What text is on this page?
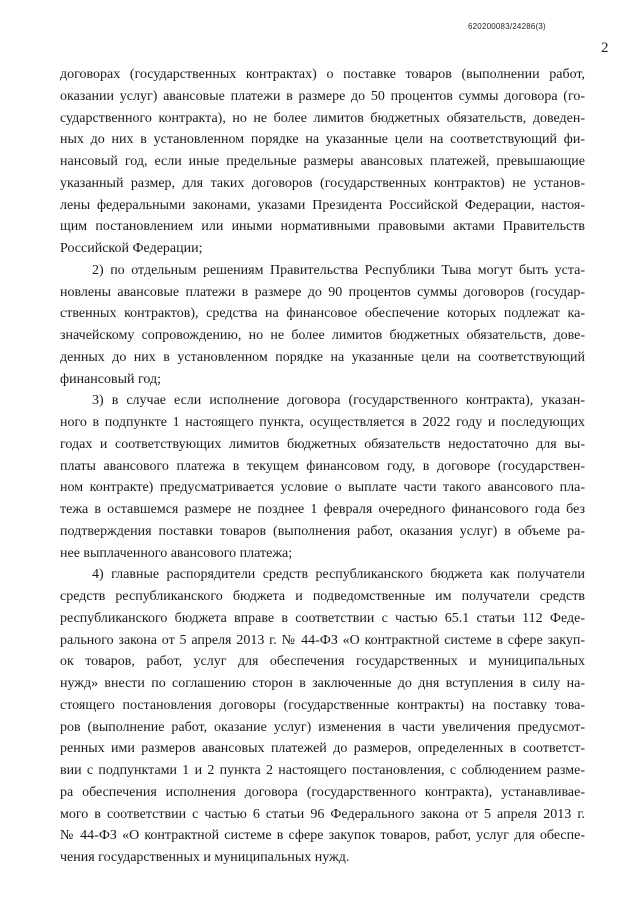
620200083/24286(3)
2
договорах (государственных контрактах) о поставке товаров (выполнении работ,
оказании услуг) авансовые платежи в размере до 50 процентов суммы договора (го-
сударственного контракта), но не более лимитов бюджетных обязательств, доведен-
ных до них в установленном порядке на указанные цели на соответствующий фи-
нансовый год, если иные предельные размеры авансовых платежей, превышающие
указанный размер, для таких договоров (государственных контрактов) не установ-
лены федеральными законами, указами Президента Российской Федерации, настоя-
щим постановлением или иными нормативными правовыми актами Правительств
Российской Федерации;
2) по отдельным решениям Правительства Республики Тыва могут быть уста-
новлены авансовые платежи в размере до 90 процентов суммы договоров (государ-
ственных контрактов), средства на финансовое обеспечение которых подлежат ка-
значейскому сопровождению, но не более лимитов бюджетных обязательств, дове-
денных до них в установленном порядке на указанные цели на соответствующий
финансовый год;
3) в случае если исполнение договора (государственного контракта), указан-
ного в подпункте 1 настоящего пункта, осуществляется в 2022 году и последующих
годах и соответствующих лимитов бюджетных обязательств недостаточно для вы-
платы авансового платежа в текущем финансовом году, в договоре (государствен-
ном контракте) предусматривается условие о выплате части такого авансового пла-
тежа в оставшемся размере не позднее 1 февраля очередного финансового года без
подтверждения поставки товаров (выполнения работ, оказания услуг) в объеме ра-
нее выплаченного авансового платежа;
4) главные распорядители средств республиканского бюджета как получатели
средств республиканского бюджета и подведомственные им получатели средств
республиканского бюджета вправе в соответствии с частью 65.1 статьи 112 Феде-
рального закона от 5 апреля 2013 г. № 44-ФЗ «О контрактной системе в сфере закуп-
ок товаров, работ, услуг для обеспечения государственных и муниципальных
нужд» внести по соглашению сторон в заключенные до дня вступления в силу на-
стоящего постановления договоры (государственные контракты) на поставку това-
ров (выполнение работ, оказание услуг) изменения в части увеличения предусмот-
ренных ими размеров авансовых платежей до размеров, определенных в соответст-
вии с подпунктами 1 и 2 пункта 2 настоящего постановления, с соблюдением разме-
ра обеспечения исполнения договора (государственного контракта), устанавливае-
мого в соответствии с частью 6 статьи 96 Федерального закона от 5 апреля 2013 г.
№ 44-ФЗ «О контрактной системе в сфере закупок товаров, работ, услуг для обеспе-
чения государственных и муниципальных нужд.
